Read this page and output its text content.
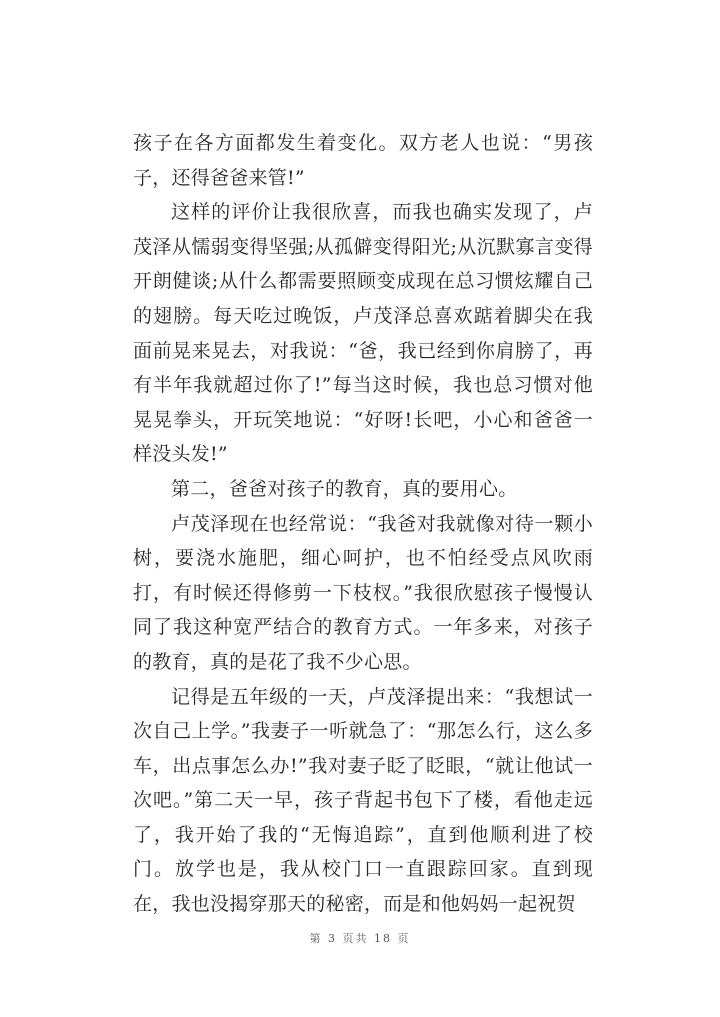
孩子在各方面都发生着变化。双方老人也说：“男孩子，还得爸爸来管!”

这样的评价让我很欣喜，而我也确实发现了，卢茂泽从懦弱变得坚强;从孤僻变得阳光;从沉默寡言变得开朗健谈;从什么都需要照顾变成现在总习惯炫耀自己的翅膀。每天吃过晚饭，卢茂泽总喜欢踮着脚尖在我面前晃来晃去，对我说：“爸，我已经到你肩膀了，再有半年我就超过你了!”每当这时候，我也总习惯对他晃晃拳头，开玩笑地说：“好呀!长吧，小心和爸爸一样没头发!”

第二，爸爸对孩子的教育，真的要用心。

卢茂泽现在也经常说：“我爸对我就像对待一颗小树，要浇水施肥，细心呵护，也不怕经受点风吹雨打，有时候还得修剪一下枝杈。”我很欣慰孩子慢慢认同了我这种宽严结合的教育方式。一年多来，对孩子的教育，真的是花了我不少心思。

记得是五年级的一天，卢茂泽提出来：“我想试一次自己上学。”我妻子一听就急了：“那怎么行，这么多车，出点事怎么办!”我对妻子眨了眨眼，“就让他试一次吧。”第二天一早，孩子背起书包下了楼，看他走远了，我开始了我的“无悔追踪”，直到他顺利进了校门。放学也是，我从校门口一直跟踪回家。直到现在，我也没揭穿那天的秘密，而是和他妈妈一起祝贺

第 3 页共 18 页
